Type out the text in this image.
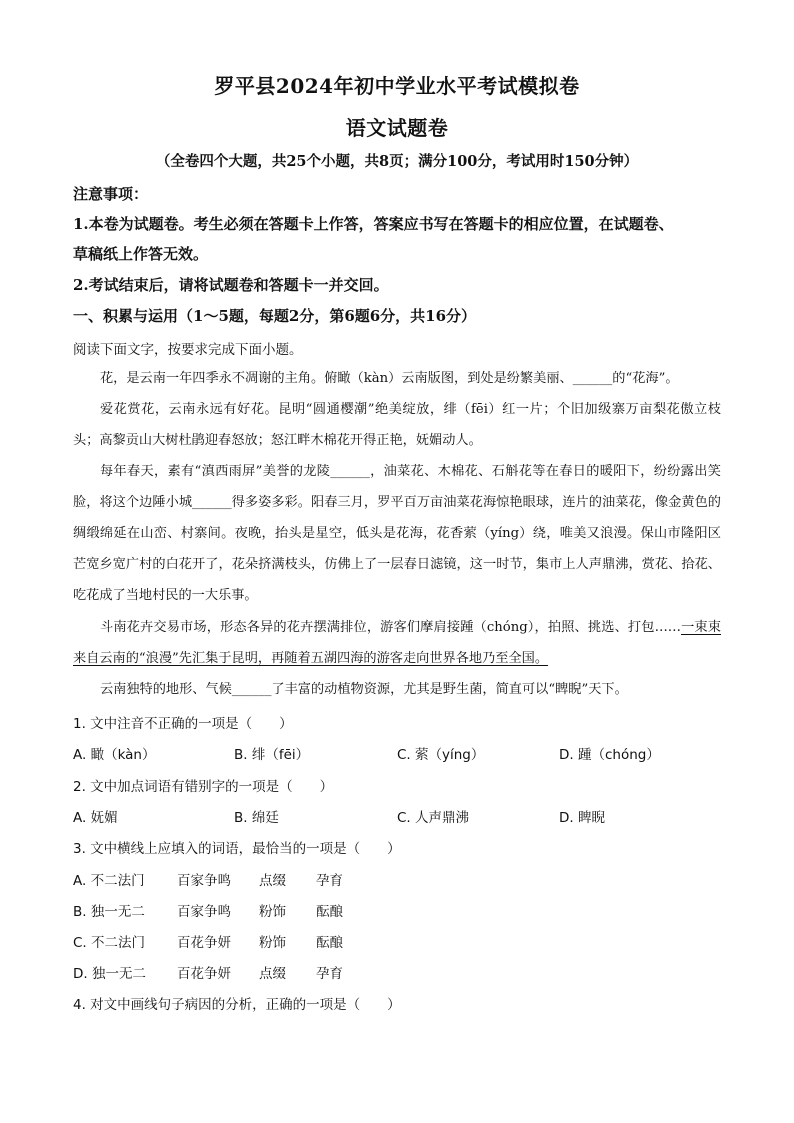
罗平县2024年初中学业水平考试模拟卷
语文试题卷
（全卷四个大题，共25个小题，共8页；满分100分，考试用时150分钟）
注意事项：
1.本卷为试题卷。考生必须在答题卡上作答，答案应书写在答题卡的相应位置，在试题卷、
草稿纸上作答无效。
2.考试结束后，请将试题卷和答题卡一并交回。
一、积累与运用（1～5题，每题2分，第6题6分，共16分）
阅读下面文字，按要求完成下面小题。
花，是云南一年四季永不凋谢的主角。俯瞰（kàn）云南版图，到处是纷繁美丽、______的“花海”。
爱花赏花，云南永远有好花。昆明“圆通樱潮”绝美绽放，绯（fēi）红一片；个旧加级寨万亩梨花傲立枝头；高黎贡山大树杜鹃迎春怒放；怒江畔木棉花开得正艳，妩媚动人。
每年春天，素有“滇西雨屏”美誉的龙陵______，油菜花、木棉花、石斛花等在春日的暖阳下，纷纷露出笑脸，将这个边陲小城______得多姿多彩。阳春三月，罗平百万亩油菜花海惊艳眼球，连片的油菜花，像金黄色的绸缎绵延在山峦、村寨间。夜晚，抬头是星空，低头是花海，花香萦（yíng）绕，唯美又浪漫。保山市隆阳区芒宽乡宽广村的白花开了，花朵挤满枝头，仿佛上了一层春日滤镜，这一时节，集市上人声鼎沸，赏花、拾花、吃花成了当地村民的一大乐事。
斗南花卉交易市场，形态各异的花卉摆满排位，游客们摩肩接踵（chóng），拍照、挑选、打包……一束束来自云南的“浪漫”先汇集于昆明，再随着五湖四海的游客走向世界各地乃至全国。
云南独特的地形、气候______了丰富的动植物资源，尤其是野生菌，简直可以“睥睨”天下。
1. 文中注音不正确的一项是（　　）
A. 瞰（kàn）	B. 绯（fēi）	C. 萦（yíng）	D. 踵（chóng）
2. 文中加点词语有错别字的一项是（　　）
A. 妩媚	B. 绵廷	C. 人声鼎沸	D. 睥睨
3. 文中横线上应填入的词语，最恰当的一项是（　　）
A. 不二法门 百家争鸣 点缀 孕育
B. 独一无二 百家争鸣 粉饰 酝酿
C. 不二法门 百花争妍 粉饰 酝酿
D. 独一无二 百花争妍 点缀 孕育
4. 对文中画线句子病因的分析，正确的一项是（　　）
